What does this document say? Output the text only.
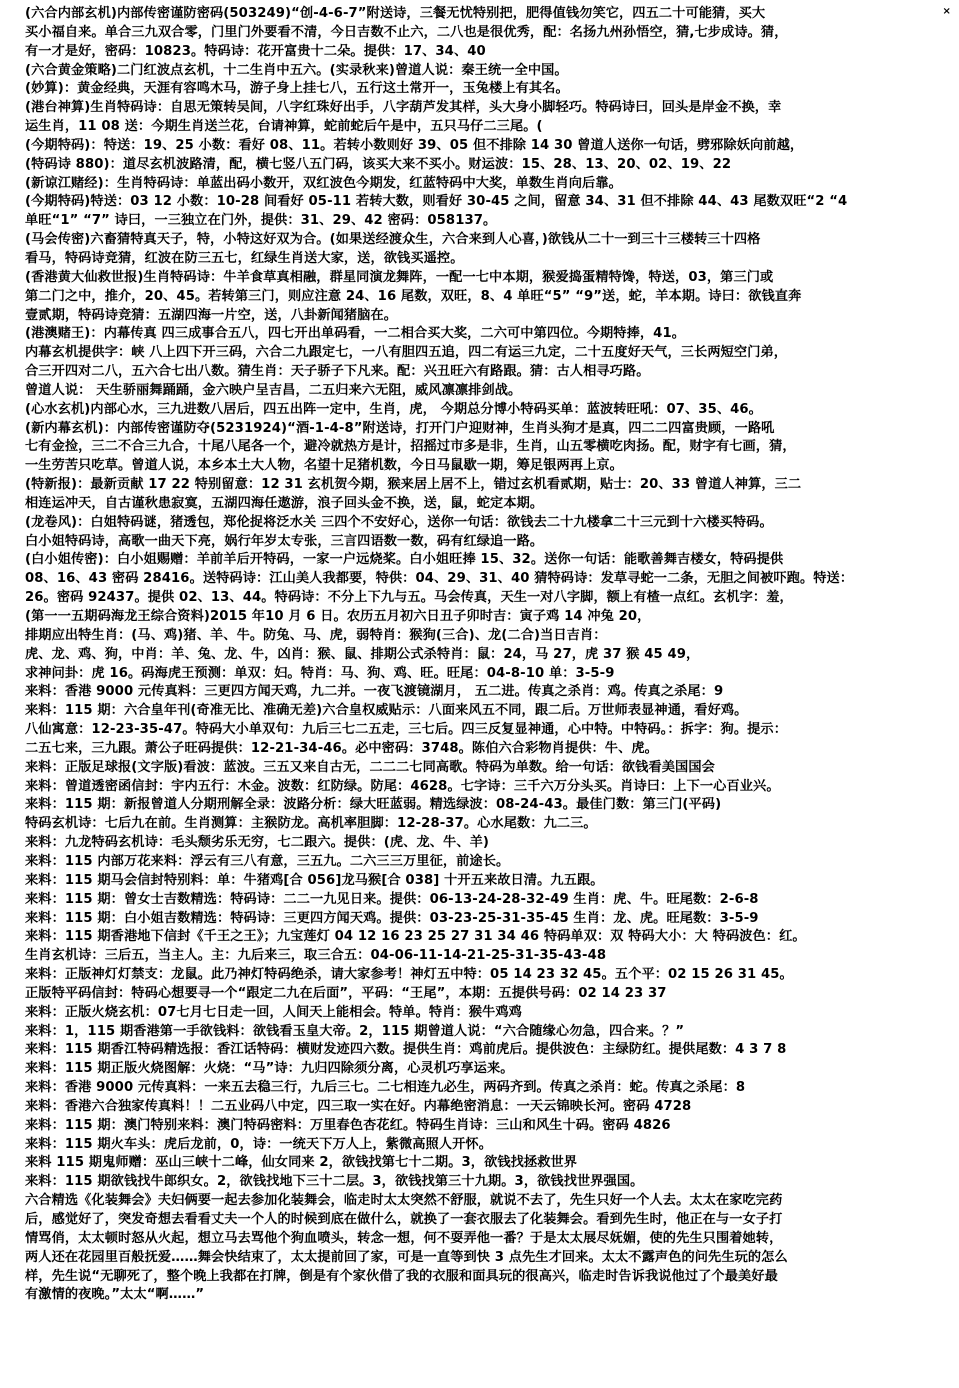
×
(六合内部玄机)内部传密谨防密码(503249)“创-4-6-7”附送诗，三餐无忧特别把，肥得值钱勿笑它，四五二十可能猜，买大
买小福自来。单合三九双合零，门里门外要看不清，今日吉数不止六，二八也是很优秀，配：名扬九州孙悟空，猜,七步成诗。猜，
有一才是好，密码：10823。特码诗：花开富贵十二朵。提供：17、34、40
(六合黄金策略)二门红波点玄机，十二生肖中五六。(实录秋来)曾道人说：秦王统一全中国。
(妙算)：黄金经典，天涯有容鸣木马，游子身上挂七八，五行这土常开一，玉兔楼上有其名。
(港台神算)生肖特码诗：自思无策转吴间，八字红珠好出手，八字葫芦发其样，头大身小脚轻巧。特码诗曰，回头是岸金不换，幸
运生肖，11 08 送：今期生肖送兰花，台请神算，蛇前蛇后午是中，五只马仔二三尾。(
(今期特码)：特送：19、25 小数：看好 08、11。若转小数则好 39、05 但不排除 14 30 曾道人送你一句话，劈邪除妖向前越，
(特码诗 880)：道尽玄机波路清，配，横七竖八五门码，该买大来不买小。财运波：15、28、13、20、02、19、22
(新谅江赌经)：生肖特码诗：单蓝出码小数开，双红波色今期发，红蓝特码中大奖，单数生肖向后靠。
(今期特码)特送：03 12 小数：10-28 间看好 05-11 若转大数，则看好 30-45 之间，留意 34、31 但不排除 44、43 尾数双旺“2 “4
单旺“1” “7” 诗曰，一三独立在门外，提供：31、29、42 密码：058137。
(马会传密)六畜猜特真天子，特，小特这好双为合。(如果送经渡众生，六合来到人心喜，)欲钱从二十一到三十三楼转三十四格
看马，特码诗竞猜，红波在防三五七，红绿生肖送大家，送，欲钱买遥控。
(香港黄大仙救世报)生肖特码诗：牛羊食草真相融，群星同演龙舞阵，一配一七中本期，猴爱捣蛋精特馋，特送，03，第三门或
第二门之中，推介，20、45。若转第三门，则应注意 24、16 尾数，双旺，8、4 单旺“5” “9”送，蛇，羊本期。诗曰：欲钱直奔
壹贰期，特码诗竞猜：五湖四海一片空，送，八卦新闻猪脑在。
(港澳赌王)：内幕传真 四三成事合五八，四七开出单码看，一二相合买大奖，二六可中第四位。今期特捧，41。
内幕玄机提供字：峡 八上四下开三码，六合二九跟定七，一八有胆四五追，四二有运三九定，二十五度好天气，三长两短空门弟，
合三开四对二八，五六合七出八数。猜生肖：天子骄子下凡来。配：兴丑旺六有路跟。猜：古人相寻巧路。
曾道人说： 天生骄丽舞踊踊，金六映户呈吉昌，二五归来六无阻，威风凛凛排剑战。
(心水玄机)内部心水，三九进数八居后，四五出阵一定中，生肖，虎， 今期总分博小特码买单：蓝波转旺吼：07、35、46。
(新内幕玄机)：内部传密谨防夺(5231924)“酒-1-4-8”附送诗，打开门户迎财神，生肖头狗才是真，四二二四富贵顾，一路吼
七有金捡，三二不合三九合，十尾八尾各一个，避冷就热方是计，招摇过市多是非，生肖，山五零横吃肉扬。配，财字有七画，猜，
一生劳苦只吃草。曾道人说，本乡本土大人物，名望十足猪机数，今日马鼠歇一期，筹足银两再上京。
(特新报)：最新贡献 17 22 特别留意：12 31 玄机贺今期，猴来居上居不上，错过玄机看贰期，贴士：20、33 曾道人神算，三二
相连运冲天，自古谨秋患寂寞，五湖四海任遨游，浪子回头金不换，送，鼠，蛇定本期。
(龙卷风)：白姐特码谜，猪透包，郑伦捉将泛水关 三四个不安好心，送你一句话：欲钱去二十九楼拿二十三元到十六楼买特码。
白小姐特码诗，高歌一曲天下亮，娲行年岁太专张，三言四语数一数，码有红绿追一路。
(白小姐传密)：白小姐赐赠：羊前羊后开特码，一家一户远烧桨。白小姐旺捧 15、32。送你一句话：能歌善舞吉楼女，特码提供
08、16、43 密码 28416。送特码诗：江山美人我都要，特供：04、29、31、40 猜特码诗：发草寻蛇一二条，无胆之间被吓跑。特送：
26。密码 92437。提供 02、13、44。特码诗：不分上下九与五。马会传真，天生一对八字脚，额上有楂一点红。玄机字：羞，
(第一一五期码海龙王综合资料)2015 年10 月 6 日。农历五月初六日丑子卯时吉：寅子鸡 14 冲兔 20，
排期应出特生肖：(马、鸡)猪、羊、牛。防兔、马、虎，弱特肖：猴狗(三合)、龙(二合)当日吉肖：
虎、龙、鸡、狗，中肖：羊、兔、龙、牛，凶肖：猴、鼠、排期公式杀特肖：鼠：24，马 27，虎 37 猴 45 49，
求神问卦：虎 16。码海虎王预测：单双：妇。特肖：马、狗、鸡、旺。旺尾：04-8-10 单：3-5-9
来料：香港 9000 元传真料：三更四方闻天鸡，九二并。一夜飞渡镜湖月， 五二进。传真之杀肖：鸡。传真之杀尾：9
来料：115 期：六合皇年刊(奇准无比、准确无差)六合皇权威贴示：八面来风五不同，跟二后。万世师表显神通，看好鸡。
八仙寓意：12-23-35-47。特码大小单双句：九后三七二五走，三七后。四三反复显神通，心中特。中特码。：拆字：狗。提示：
二五七来，三九跟。萧公子旺码提供：12-21-34-46。必中密码：3748。陈伯六合彩物肖提供：牛、虎。
来料：正版足球报(文字版)看波：蓝波。三五又来自古无，二二二七同高歌。特码为单数。给一句话：欲钱看美国国会
来料：曾道透密函信封：宇内五行：木金。波数：红防绿。防尾：4628。七字诗：三千六万分头买。肖诗曰：上下一心百业兴。
来料：115 期：新报曾道人分期刑解全录：波路分析：绿大旺蓝弱。精选绿波：08-24-43。最佳门数：第三门(平码)
特码玄机诗：七后九在前。生肖测算：主猴防龙。高机率胆脚：12-28-37。心水尾数：九二三。
来料：九龙特码玄机诗：毛头颓劣乐无穷，七二跟六。提供：(虎、龙、牛、羊)
来料：115 内部万花来料：浮云有三八有意，三五九。二六三三万里征，前途长。
来料：115 期马会信封特别料：单：牛猪鸡[合 056]龙马猴[合 038] 十开五来故日清。九五跟。
来料：115 期：曾女士吉数精选：特码诗：二二一九见日来。提供：06-13-24-28-32-49 生肖：虎、牛。旺尾数：2-6-8
来料：115 期：白小姐吉数精选：特码诗：三更四方闻天鸡。提供：03-23-25-31-35-45 生肖：龙、虎。旺尾数：3-5-9
来料：115 期香港地下信封《千王之王》；九宝莲灯 04 12 16 23 25 27 31 34 46 特码单双：双 特码大小：大 特码波色：红。
生肖玄机诗：三后五，当主人。主：九后来三，取三合五：04-06-11-14-21-25-31-35-43-48
来料：正版神灯灯禁支：龙鼠。此乃神灯特码绝杀，请大家参考！神灯五中特：05 14 23 32 45。五个平：02 15 26 31 45。
正版特平码信封：特码心想要寻一个“跟定二九在后面”，平码：“王尾”，本期：五提供号码：02 14 23 37
来料：正版火烧玄机：07七月七日走一回，人间天上能相会。特单。特肖：猴牛鸡鸡
来料：1，115 期香港第一手欲钱料：欲钱看玉皇大帝。2，115 期曾道人说：“六合随缘心勿急，四合来。？”
来料：115 期香江特码精选报：香江话特码：横财发迹四六数。提供生肖：鸡前虎后。提供波色：主绿防红。提供尾数：4 3 7 8
来料：115 期正版火烧图解：火烧：“马”诗：九归四除须分离，心灵机巧享运来。
来料：香港 9000 元传真料：一来五去稳三行，九后三七。二七相连九必生，两码齐到。传真之杀肖：蛇。传真之杀尾：8
来料：香港六合独家传真料！！二五业码八中定，四三取一实在好。内幕绝密消息：一天云锦映长河。密码 4728
来料：115 期：澳门特别来料：澳门特码密料：万里春色杏花红。特码生肖诗：三山和风生十码。密码 4826
来料：115 期火车头：虎后龙前，0，诗：一统天下万人上，紫微高照人开怀。
来料 115 期鬼师赠：巫山三峡十二峰，仙女同来 2，欲钱找第七十二期。3，欲钱找拯救世界
来料：115 期欲钱找牛郎织女。2，欲钱找地下三十二层。3，欲钱找第三十九期。3，欲钱找世界强国。
六合精选《化装舞会》夫妇俩要一起去参加化装舞会，临走时太太突然不舒服，就说不去了，先生只好一个人去。太太在家吃完药
后，感觉好了，突发奇想去看看丈夫一个人的时候到底在做什么，就换了一套衣服去了化装舞会。看到先生时，他正在与一女子打
情骂俏，太太顿时怒从火起，想立马去骂他个狗血喷头，转念一想，何不耍弄他一番？于是太太展尽妩媚，使的先生只围着她转，
两人还在花园里百般抚爱……舞会快结束了，太太提前回了家，可是一直等到快 3 点先生才回来。太太不露声色的问先生玩的怎么
样，先生说“无聊死了，整个晚上我都在打牌，倒是有个家伙借了我的衣服和面具玩的很高兴，临走时告诉我说他过了个最美好最
有激情的夜晚。”太太“啊……”
